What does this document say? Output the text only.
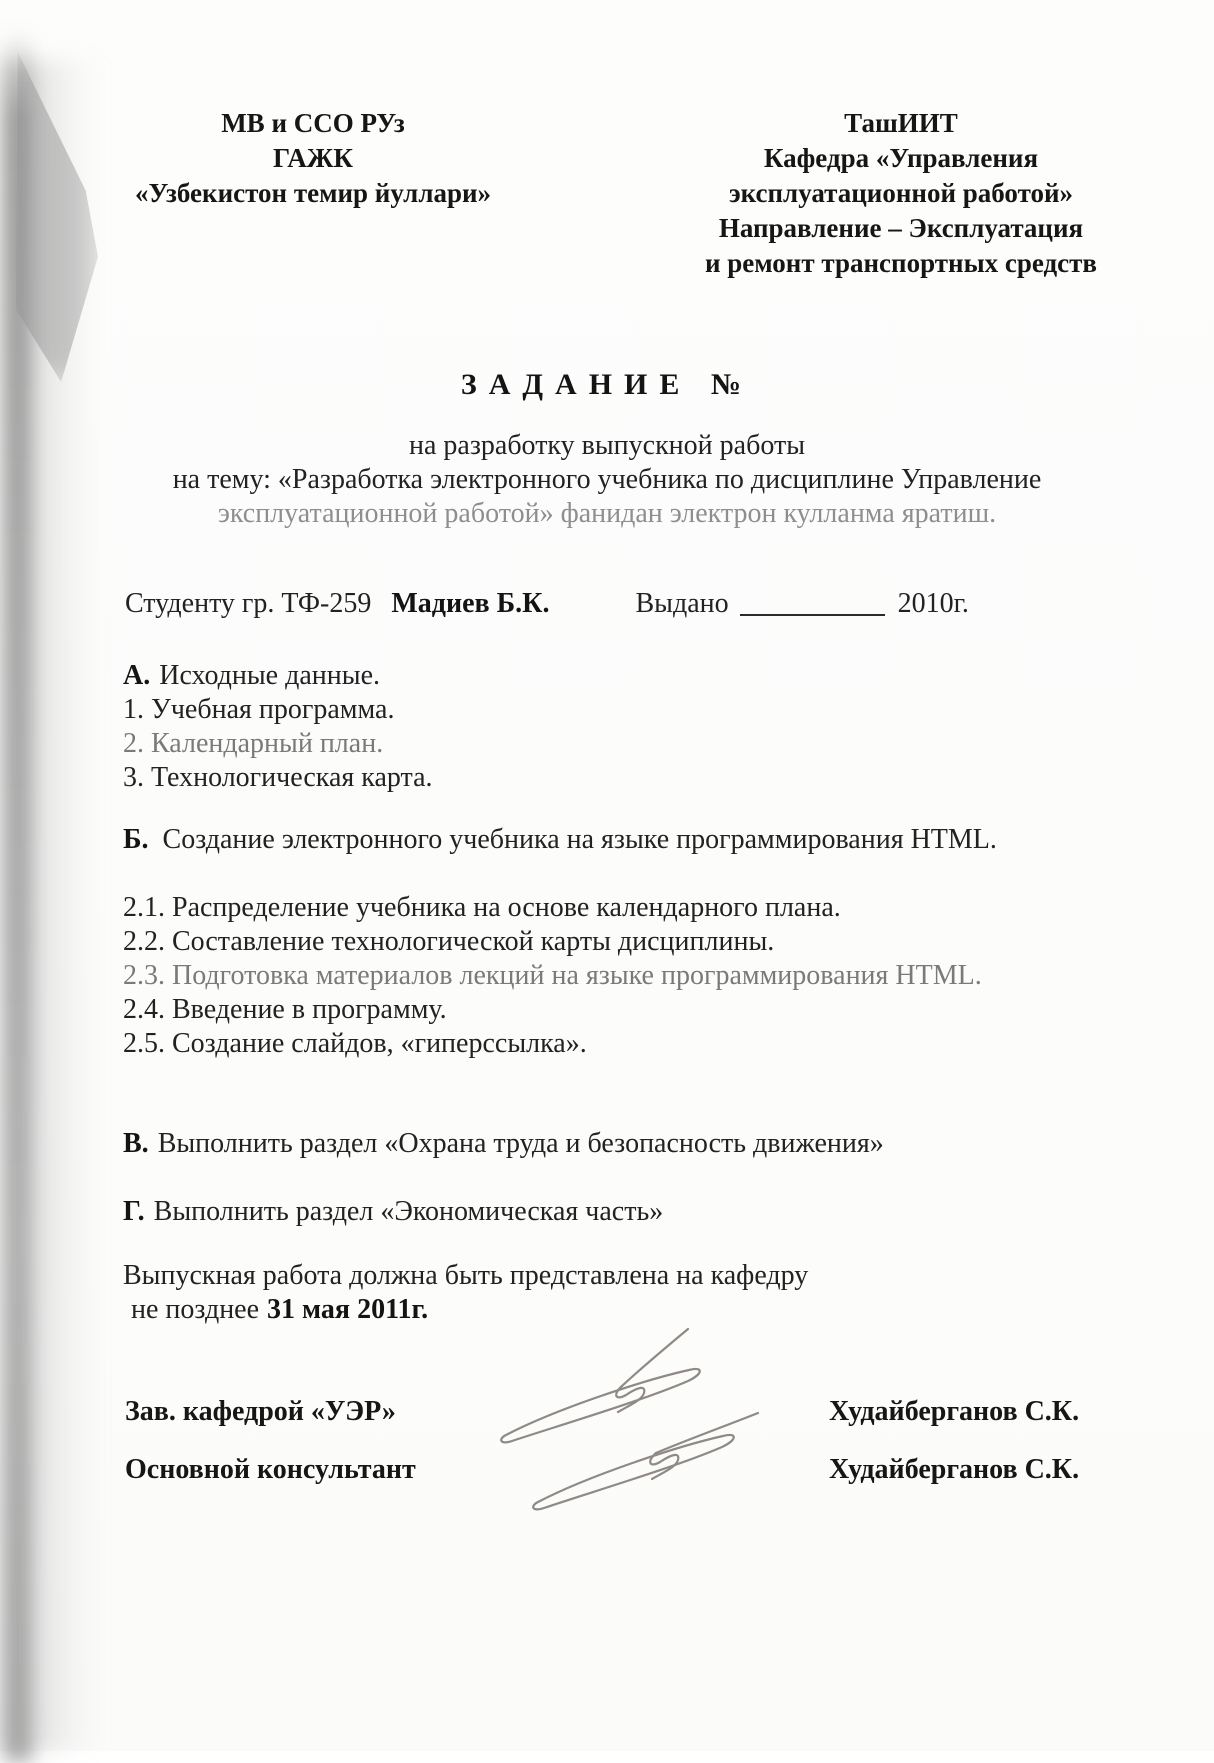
МВ и ССО РУз
ГАЖК
«Узбекистон темир йуллари»
ТашИИТ
Кафедра «Управления
эксплуатационной работой»
Направление – Эксплуатация
и ремонт транспортных средств
ЗАДАНИЕ №
на разработку выпускной работы
на тему: «Разработка электронного учебника по дисциплине Управление
эксплуатационной работой» фанидан электрон кулланма яратиш.
Студенту гр. ТФ-259 Мадиев Б.К.	Выдано	2010г.
А. Исходные данные.
1. Учебная программа.
2. Календарный план.
3. Технологическая карта.
Б. Создание электронного учебника на языке программирования HTML.
2.1. Распределение учебника на основе календарного плана.
2.2. Составление технологической карты дисциплины.
2.3. Подготовка материалов лекций на языке программирования HTML.
2.4. Введение в программу.
2.5. Создание слайдов, «гиперссылка».
В. Выполнить раздел «Охрана труда и безопасность движения»
Г. Выполнить раздел «Экономическая часть»
Выпускная работа должна быть представлена на кафедру
не позднее 31 мая 2011г.
Зав. кафедрой «УЭР»	Худайберганов С.К.
Основной консультант	Худайберганов С.К.
